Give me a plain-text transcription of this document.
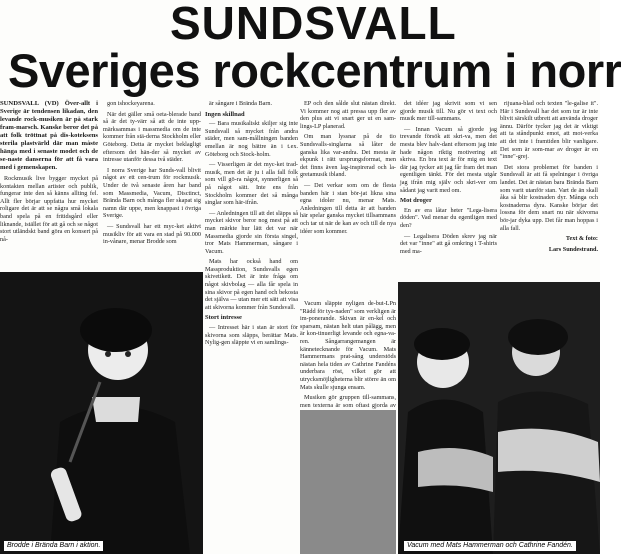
SUNDSVALL
Sveriges rockcentrum i norr

SUNDSVALL (VD) Över-allt i Sverige är tendensen likadan, den levande rock-musiken är på stark fram-marsch. Kanske beror det på att folk tröttnat på dis-koteksens sterila plastvärld där man måste hänga med i senaste modet och de se-naste danserna för att få vara med i gemenskapen.

Rockmusik live bygger mycket på kontakten mellan artister och publik, fungerar inte den så känns allting fel. Allt fler börjar uppfatta hur mycket roligare det är att se några små lokala band spela på en fritidsgård eller liknande, istället för att gå och se något stort utländskt band göra en konsert på nå-

gon ishockeyarena.

När det gäller små oeta-blerade band så är det ty-värr så att de inte upp-märksammas i massmedia om de inte kommer från stä-derna Stockholm eller Göteborg. Detta är mycket beklagligt eftersom det hän-der så mycket av intresse utanför dessa två städer.

I norra Sverige har Sunds-vall blivit något av ett cen-trum för rockmusik. Under de två senaste åren har band som Massmedia, Vacum, Disctinct, Brända Barn och många fler skapat sig namn där uppe, men knappast i övriga Sverige.

— Sundsvall har ett myc-ket aktivt musikliv för att vara en stad på 90.000 in-vånare, menar Brodde som

är sångare i Brända Barn.

Ingen skillnad

— Bara musikaliskt skiljer sig inte Sundsvall så mycket från andra städer, men sam-mållningen banden emellan är nog bättre än i t.ex. Göteborg och Stock-holm.

— Visserligen är det myc-ket trad-musik, men det är ju i alla fall folk som vill gö-ra något, synnerligen så på något sätt. Inte ens från Stockholm kommer det så många singlar som här-ifrån.

— Anledningen till att det släpps så mycket skivor beror nog mest på att man märkte hur lätt det var när Massmedia gjorde sin första singel, tror Mats Hammerman, sångare i Vacum.

Mats har också hand om Massproduktion, Sundsvalls egen skivetikett. Det är inte fråga om något skivbolag — alla får spela in sina skivor på egen hand och bekosta det själva — utan mer ett sätt att visa att skivorna kommer från Sundsvall.

Stort intresse

— Intresset här i stan är stort för skivorna som släpps, berättar Mats. Nylig-gen släppte vi en samlings-

EP och den sålde slut nästan direkt. Vi kommer nog att pressa upp fler av den plus att vi snart ger ut en sam-lings-LP planerad.

Om man lyssnar på de tio Sundsvalls-singlarna så låter de ganska lika var-andra. Det mesta är ekpunk i rätt ursprungsformat, men det finns även lag-inspirerad och la-gretamusik ibland.

— Det verkar som om de flesta banden här i stan bör-jat likna sina egna idoler nu, menar Mats. Anledningen till detta är att banden här spelar ganska mycket tillsammans och tar ut när de kan av och till de nya idéer som kommer.

Vacum släppte nyligen de-but-LPn "Rädd för tys-naden" som verkligen är im-ponerande. Skivan är en-kel och sparsam, nästan helt utan pålägg, men är kon-tinuerligt levande och egna-va-ren. Sångarrangemangen är kännetecknande för Vacum. Mats Hammermans prat-sång understöds nästan hela tiden av Cathrine Fandéns underbara röst, vilket gör att utrycksmöjligheterna blir större än om Mats skulle sjunga ensam.

Musiken gör gruppen till-sammans, men texterna är som oftast gjorda av

det idéer jag skrivit som vi sen gjorde musik till. Nu gör vi text och musik mer till-sammans.

— Innan Vacum så gjorde jag trevande försök att skri-va, men det mesta blev halv-dant eftersom jag inte hade någon riktig motivering att skriva. En bra text är för mig en text där jag tycker att jag får fram det man egentligen tänkt. För det mesta utgår jag ifrån mig själv och skri-ver om sådant jag varit med om.

Mot droger

En av era låtar heter "Lega-lisera döden". Vad menar du egentligen med den?

— Legalisera Döden skrev jag när det var "inne" att gå omkring i T-shirts med ma-

rijuana-blad och texten "le-galise it". Här i Sundsvall har det som tur är inte blivit särskilt utbrett att använda droger ännu. Därför tycker jag det är viktigt att ta ståndpunkt emot, att mot-verka att det inte i framtiden blir vanligare. Det som är som-mar av droger är en "inne"-grej.

Det stora problemet för banden i Sundsvall är att få spelningar i övriga landet. Det är nästan bara Brända Barn som varit utanför stan. Vart de än skall åka så blir kostnaden dyr. Många och kostnaderna dyra. Kanske börjar det lossna för dem snart nu när skivorna bör-jar dyka upp. Det får man hoppas i alla fall.

Text & foto:

Lars Sundestrand.

Brodde i Brända Barn i aktion.	Vacum med Mats Hammerman och Cathrine Fandén.
